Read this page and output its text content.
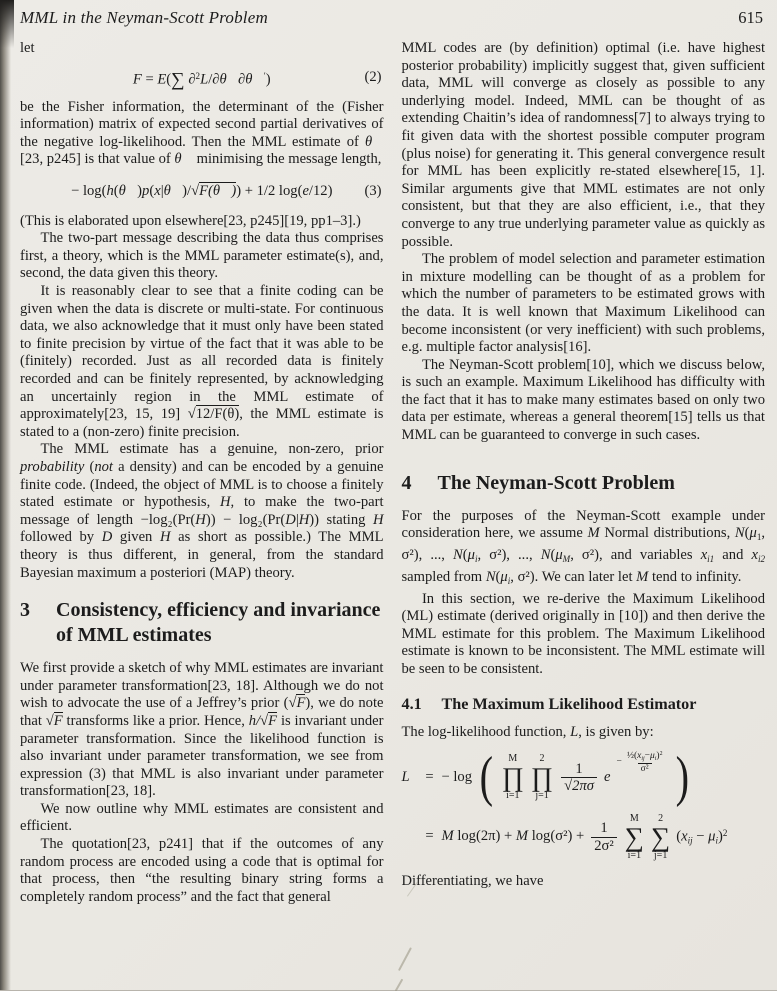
MML in the Neyman-Scott Problem	615

let

F = E(∑ ∂$^2$L/∂θ⃗∂θ⃗′)	(2)

be the Fisher information, the determinant of the (Fisher information) matrix of expected second partial derivatives of the negative log-likelihood. Then the MML estimate of θ⃗ [23, p245] is that value of θ⃗ minimising the message length,

− log(h(θ⃗)p(x|θ⃗)/√F(θ⃗)) + 1/2 log(e/12) (3)

(This is elaborated upon elsewhere[23, p245][19, pp1–3].)

The two-part message describing the data thus comprises first, a theory, which is the MML parameter estimate(s), and, second, the data given this theory.

It is reasonably clear to see that a finite coding can be given when the data is discrete or multi-state. For continuous data, we also acknowledge that it must only have been stated to finite precision by virtue of the fact that it was able to be (finitely) recorded. Just as all recorded data is finitely recorded and can be finitely represented, by acknowledging an uncertainly region in the MML estimate of approximately[23, 15, 19] √12/F(θ), the MML estimate is stated to a (non-zero) finite precision.

The MML estimate has a genuine, non-zero, prior probability (not a density) and can be encoded by a genuine finite code. (Indeed, the object of MML is to choose a finitely stated estimate or hypothesis, H, to make the two-part message of length −log₂(Pr(H)) − log₂(Pr(D|H)) stating H followed by D given H as short as possible.) The MML theory is thus different, in general, from the standard Bayesian maximum a posteriori (MAP) theory.

3	Consistency, efficiency and invariance of MML estimates

We first provide a sketch of why MML estimates are invariant under parameter transformation[23, 18]. Although we do not wish to advocate the use of a Jeffrey’s prior (√F), we do note that √F transforms like a prior. Hence, h/√F is invariant under parameter transformation. Since the likelihood function is also invariant under parameter transformation, we see from expression (3) that MML is also invariant under parameter transformation[23, 18].

We now outline why MML estimates are consistent and efficient.

The quotation[23, p241] that if the outcomes of any random process are encoded using a code that is optimal for that process, then “the resulting binary string forms a completely random process” and the fact that general

MML codes are (by definition) optimal (i.e. have highest posterior probability) implicitly suggest that, given sufficient data, MML will converge as closely as possible to any underlying model. Indeed, MML can be thought of as extending Chaitin’s idea of randomness[7] to always trying to fit given data with the shortest possible computer program (plus noise) for generating it. This general convergence result for MML has been explicitly re-stated elsewhere[15, 1]. Similar arguments give that MML estimates are not only consistent, but that they are also efficient, i.e., that they converge to any true underlying parameter value as quickly as possible.

The problem of model selection and parameter estimation in mixture modelling can be thought of as a problem for which the number of parameters to be estimated grows with the data. It is well known that Maximum Likelihood can become inconsistent (or very inefficient) with such problems, e.g. multiple factor analysis[16].

The Neyman-Scott problem[10], which we discuss below, is such an example. Maximum Likelihood has difficulty with the fact that it has to make many estimates based on only two data per estimate, whereas a general theorem[15] tells us that MML can be guaranteed to converge in such cases.

4	The Neyman-Scott Problem

For the purposes of the Neyman-Scott example under consideration here, we assume M Normal distributions, $N(\mu_1$, σ²), ..., $N(\mu_i$, σ²), ..., $N(\mu_M$, σ²), and variables $x_{i1}$ and $x_{i2}$ sampled from $N(\mu_i$, σ²). We can later let M tend to infinity.

In this section, we re-derive the Maximum Likelihood (ML) estimate (derived originally in [10]) and then derive the MML estimate for this problem. The Maximum Likelihood estimate is known to be inconsistent. The MML estimate will be seen to be consistent.

4.1	The Maximum Likelihood Estimator

The log-likelihood function, L, is given by:

L	= − log ( M
∏
i=1
2
∏
j=1
$\frac{1}{√2\pi\sigma}$ e
− $\frac{\frac{1}{2}(x_{ij}-\mu_i)^2}{\text{σ²}}$ )
= M log(2π) + M $\log(\sigma^2) + \frac{1}{\text{2σ²}}$
M
∑
i=1
2
∑
j=1
$(x_{ij} - \mu_i)^2$

Differentiating, we have
